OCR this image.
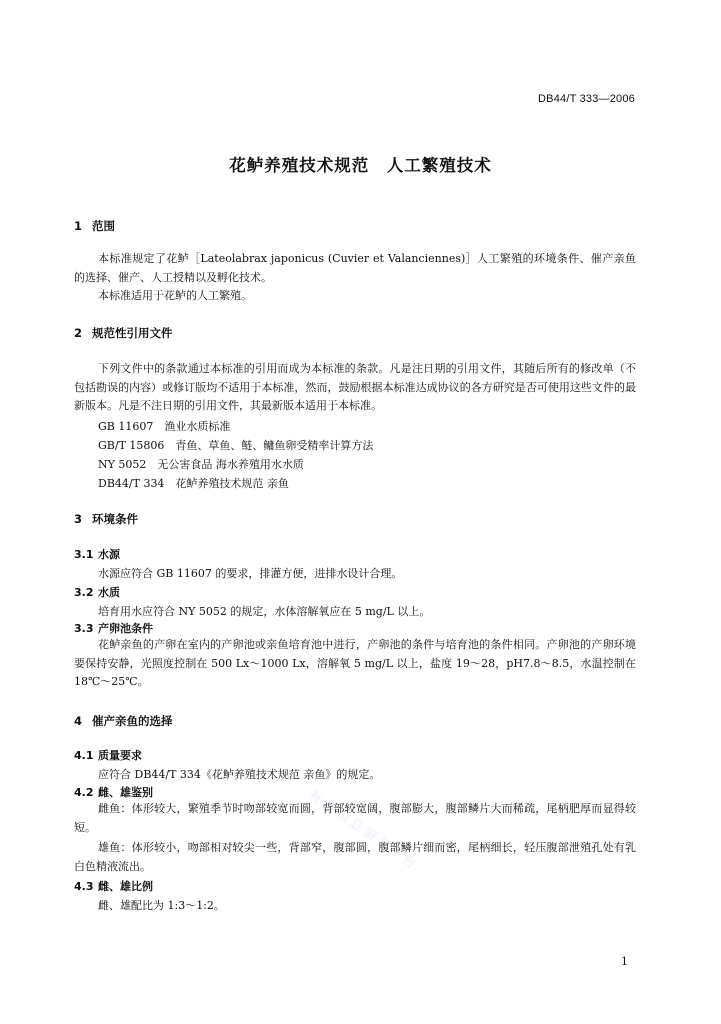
DB44/T 333—2006
花鲈养殖技术规范　人工繁殖技术
1 范围
本标准规定了花鲈［Lateolabrax japonicus (Cuvier et Valanciennes)］人工繁殖的环境条件、催产亲鱼的选择、催产、人工授精以及孵化技术。
本标准适用于花鲈的人工繁殖。
2 规范性引用文件
下列文件中的条款通过本标准的引用而成为本标准的条款。凡是注日期的引用文件，其随后所有的修改单（不包括勘误的内容）或修订版均不适用于本标准，然而，鼓励根据本标准达成协议的各方研究是否可使用这些文件的最新版本。凡是不注日期的引用文件，其最新版本适用于本标准。
GB 11607　渔业水质标准
GB/T 15806　青鱼、草鱼、鲢、鳙鱼卵受精率计算方法
NY 5052　无公害食品 海水养殖用水水质
DB44/T 334　花鲈养殖技术规范 亲鱼
3 环境条件
3.1 水源
水源应符合 GB 11607 的要求，排灌方便，进排水设计合理。
3.2 水质
培育用水应符合 NY 5052 的规定，水体溶解氧应在 5 mg/L 以上。
3.3 产卵池条件
花鲈亲鱼的产卵在室内的产卵池或亲鱼培育池中进行，产卵池的条件与培育池的条件相同。产卵池的产卵环境要保持安静，光照度控制在 500 Lx～1000 Lx，溶解氧 5 mg/L 以上，盐度 19～28，pH7.8～8.5，水温控制在 18℃～25℃。
4 催产亲鱼的选择
4.1 质量要求
应符合 DB44/T 334《花鲈养殖技术规范 亲鱼》的规定。
4.2 雌、雄鉴别
雌鱼：体形较大，繁殖季节时吻部较宽而圆，背部较宽阔，腹部膨大，腹部鳞片大而稀疏，尾柄肥厚而显得较短。
雄鱼：体形较小，吻部相对较尖一些，背部窄，腹部圆，腹部鳞片细而密，尾柄细长，轻压腹部泄殖孔处有乳白色精液流出。
4.3 雌、雄比例
雌、雄配比为 1:3～1:2。
标准信息服务平台
1
